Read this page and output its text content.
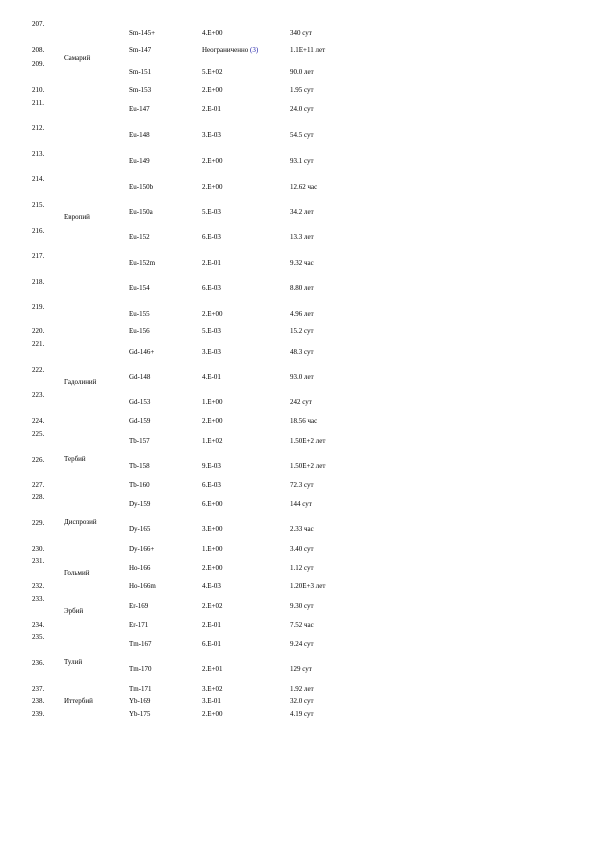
207.
208.
209.
210.
211.
212.
213.
214.
215.
216.
217.
218.
219.
220.
221.
222.
223.
224.
225.
226.
227.
228.
229.
230.
231.
232.
233.
234.
235.
236.
237.
238.
239.
Самарий
Европий
Гадолиний
Тербий
Диспрозий
Гольмий
Эрбий
Тулий
Иттербий
Sm-145+
Sm-147
Sm-151
Sm-153
Eu-147
Eu-148
Eu-149
Eu-150b
Eu-150a
Eu-152
Eu-152m
Eu-154
Eu-155
Eu-156
Gd-146+
Gd-148
Gd-153
Gd-159
Tb-157
Tb-158
Tb-160
Dy-159
Dy-165
Dy-166+
Ho-166
Ho-166m
Er-169
Er-171
Tm-167
Tm-170
Tm-171
Yb-169
Yb-175
4.E+00
Неограниченно (3)
5.E+02
2.E+00
2.E-01
3.E-03
2.E+00
2.E+00
5.E-03
6.E-03
2.E-01
6.E-03
2.E+00
5.E-03
3.E-03
4.E-01
1.E+00
2.E+00
1.E+02
9.E-03
6.E-03
6.E+00
3.E+00
1.E+00
2.E+00
4.E-03
2.E+02
2.E-01
6.E-01
2.E+01
3.E+02
3.E-01
2.E+00
340 сут
1.1E+11 лет
90.0 лет
1.95 сут
24.0 сут
54.5 сут
93.1 сут
12.62 час
34.2 лет
13.3 лет
9.32 час
8.80 лет
4.96 лет
15.2 сут
48.3 сут
93.0 лет
242 сут
18.56 час
1.50E+2 лет
1.50E+2 лет
72.3 сут
144 сут
2.33 час
3.40 сут
1.12 сут
1.20E+3 лет
9.30 сут
7.52 час
9.24 сут
129 сут
1.92 лет
32.0 сут
4.19 сут
